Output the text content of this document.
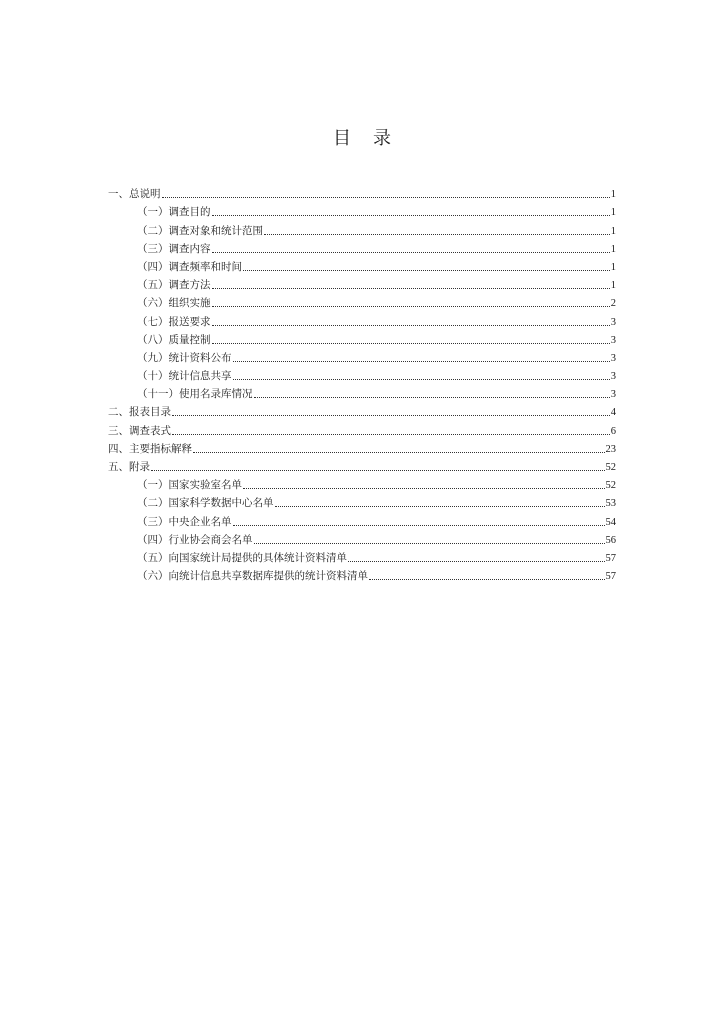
目 录
一、总说明	1
（一）调查目的	1
（二）调查对象和统计范围	1
（三）调查内容	1
（四）调查频率和时间	1
（五）调查方法	1
（六）组织实施	2
（七）报送要求	3
（八）质量控制	3
（九）统计资料公布	3
（十）统计信息共享	3
（十一）使用名录库情况	3
二、报表目录	4
三、调查表式	6
四、主要指标解释	23
五、附录	52
（一）国家实验室名单	52
（二）国家科学数据中心名单	53
（三）中央企业名单	54
（四）行业协会商会名单	56
（五）向国家统计局提供的具体统计资料清单	57
（六）向统计信息共享数据库提供的统计资料清单	57
